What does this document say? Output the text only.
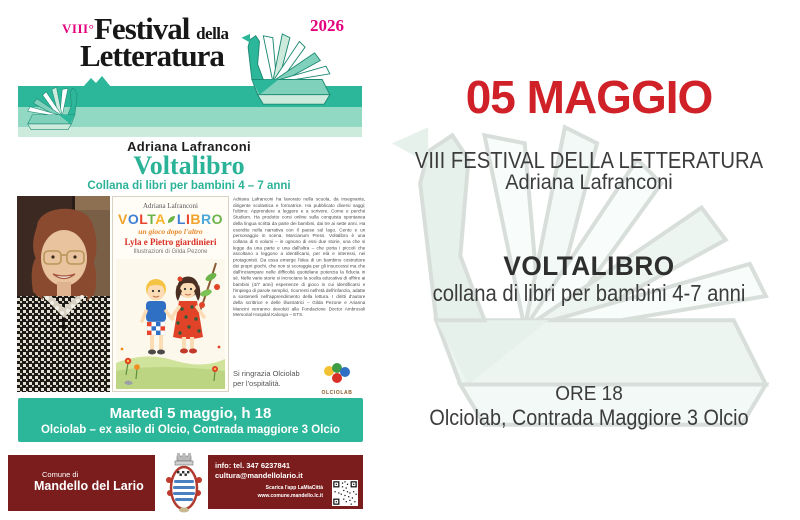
VIII° Festival della
Letteratura
2026
Adriana Lafranconi
Voltalibro
Collana di libri per bambini 4 – 7 anni
Adriana Lafranconi
VOLTA LIBRO
un gioco dopo l'altro
Lyla e Pietro giardinieri
Illustrazioni di Gilda Pezone
Adriana Lafranconi ha lavorato nella scuola, da insegnante, dirigente scolastica e formatrice. Ha pubblicato diversi saggi; l'ultimo: Apprendere a leggere e a scrivere. Come e perché Studium. Ha prodotto corsi online sulla conquista spontanea della lingua scritta da parte dei bambini, dai tre ai sette anni. Ha esordito nella narrativa con Il paese sul lago. Cento e un personaggio in scena, Marcianum Press. Voltalibro è una collana di 6 volumi – in ognuno di essi due storie, una che si legge da una parte e una dall'altra – che porta i piccoli che ascoltano o leggono a identificarsi, per età e interessi, nei protagonisti. Da essa emerge l'idea di un bambino costruttore dei propri giochi, che non si scoraggia per gli insuccessi ma che dall'inciampare nelle difficoltà quotidiane potenzia la fiducia in sé. Nelle varie storie si incrociano la scelta educativa di offrire ai bambini (4/7 anni) esperienze di gioco in cui identificarsi e l'impiego di parole semplici, ricorrenti nell'età dell'infanzia, adatte a sostenerli nell'apprendimento della lettura. I diritti d'autore della scrittrice e delle illustratrici – Gilda Pezone e Arianna Mancini verranno devoluti alla Fondazione Doctor Ambrosoli Memorial Hospital Kalongo – ETS.
Si ringrazia Olciolab per l'ospitalità.
OLCIOLAB
Martedì 5 maggio, h 18
Olciolab – ex asilo di Olcio, Contrada maggiore 3 Olcio
Comune di
Mandello del Lario
info: tel. 347 6237841
cultura@mandellolario.it
Scarica l'app LaMiaCittà
www.comune.mandello.lc.it
05 MAGGIO
VIII FESTIVAL DELLA LETTERATURA
Adriana Lafranconi
VOLTALIBRO
collana di libri per bambini 4-7 anni
ORE 18
Olciolab, Contrada Maggiore 3 Olcio
